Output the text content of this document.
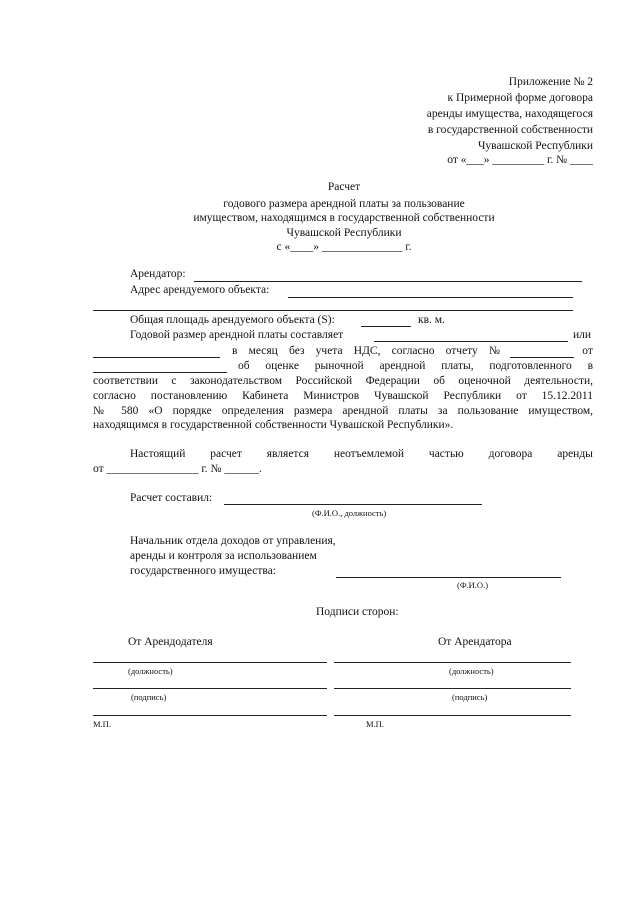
Приложение № 2
к Примерной форме договора
аренды имущества, находящегося
в государственной собственности
Чувашской Республики
от «___» _________ г. № ____
Расчет
годового размера арендной платы за пользование
имуществом, находящимся в государственной собственности
Чувашской Республики
с «____» ______________ г.
Арендатор:
Адрес арендуемого объекта:
Общая площадь арендуемого объекта (S):	кв. м.
Годовой размер арендной платы составляет	или
в месяц без учета НДС, согласно отчету №	от
об оценке рыночной арендной платы, подготовленного в
соответствии с законодательством Российской Федерации об оценочной деятельности,
согласно постановлению Кабинета Министров Чувашской Республики от 15.12.2011
№ 580 «О порядке определения размера арендной платы за пользование имуществом,
находящимся в государственной собственности Чувашской Республики».
Настоящий расчет является неотъемлемой частью договора аренды
от ________________ г. № ______.
Расчет составил:
(Ф.И.О., должность)
Начальник отдела доходов от управления,
аренды и контроля за использованием
государственного имущества:
(Ф.И.О.)
Подписи сторон:
От Арендодателя	От Арендатора
(должность)	(должность)
(подпись)	(подпись)
М.П.	М.П.
